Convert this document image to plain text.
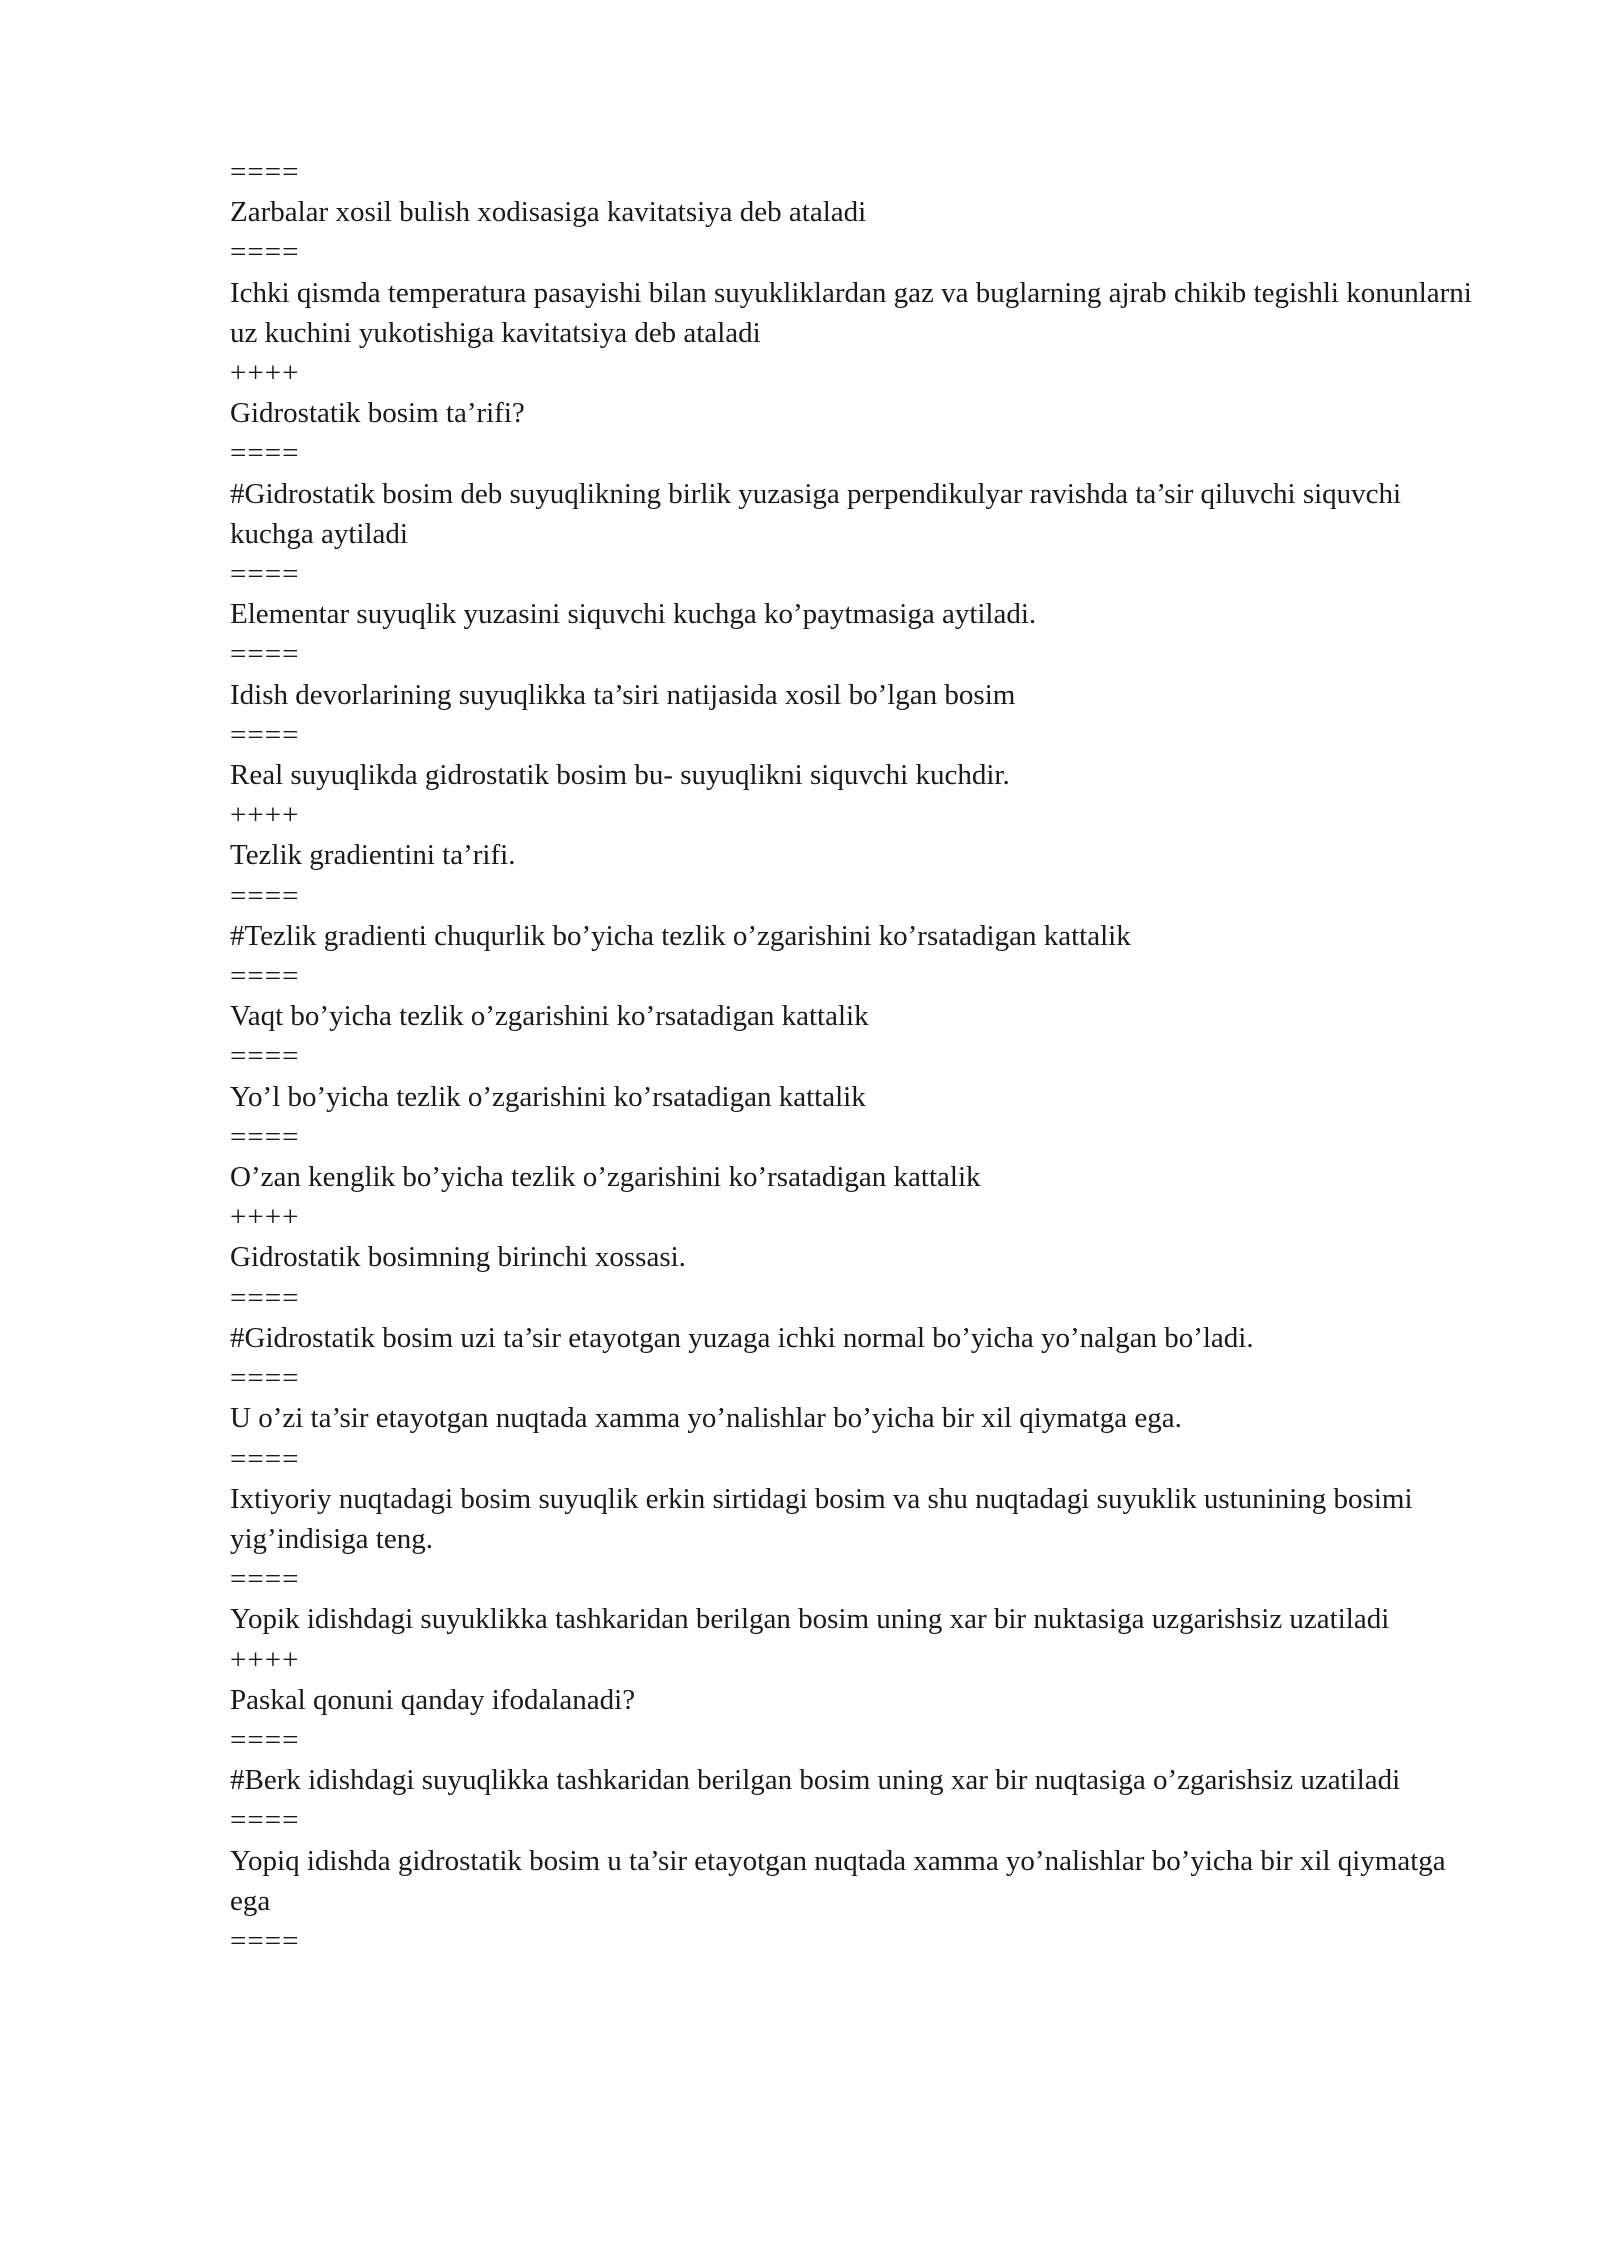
====

Zarbalar xosil bulish xodisasiga kavitatsiya deb ataladi

====

Ichki qismda temperatura pasayishi bilan suyukliklardan gaz va buglarning ajrab chikib tegishli konunlarni uz kuchini yukotishiga kavitatsiya deb ataladi

++++

Gidrostatik bosim ta’rifi?

====

#Gidrostatik bosim deb suyuqlikning birlik yuzasiga perpendikulyar ravishda ta’sir qiluvchi siquvchi kuchga aytiladi

====

Elementar suyuqlik yuzasini siquvchi kuchga ko’paytmasiga aytiladi.

====

Idish devorlarining suyuqlikka ta’siri natijasida xosil bo’lgan bosim

====

Real suyuqlikda gidrostatik bosim bu- suyuqlikni siquvchi kuchdir.

++++

Tezlik gradientini ta’rifi.

====

#Tezlik gradienti chuqurlik bo’yicha tezlik o’zgarishini ko’rsatadigan kattalik

====

Vaqt bo’yicha tezlik o’zgarishini ko’rsatadigan kattalik

====

Yo’l bo’yicha tezlik o’zgarishini ko’rsatadigan kattalik

====

O’zan kenglik bo’yicha tezlik o’zgarishini ko’rsatadigan kattalik

++++

Gidrostatik bosimning birinchi xossasi.

====

#Gidrostatik bosim uzi ta’sir etayotgan yuzaga ichki normal bo’yicha yo’nalgan bo’ladi.

====

U o’zi ta’sir etayotgan nuqtada xamma yo’nalishlar bo’yicha bir xil qiymatga ega.

====

Ixtiyoriy nuqtadagi bosim suyuqlik erkin sirtidagi bosim va shu nuqtadagi suyuklik ustunining bosimi yig’indisiga teng.

====

Yopik idishdagi suyuklikka tashkaridan berilgan bosim uning xar bir nuktasiga uzgarishsiz uzatiladi

++++

Paskal qonuni qanday ifodalanadi?

====

#Berk idishdagi suyuqlikka tashkaridan berilgan bosim uning xar bir nuqtasiga o’zgarishsiz uzatiladi

====

Yopiq idishda gidrostatik bosim u ta’sir etayotgan nuqtada xamma yo’nalishlar bo’yicha bir xil qiymatga ega

====
